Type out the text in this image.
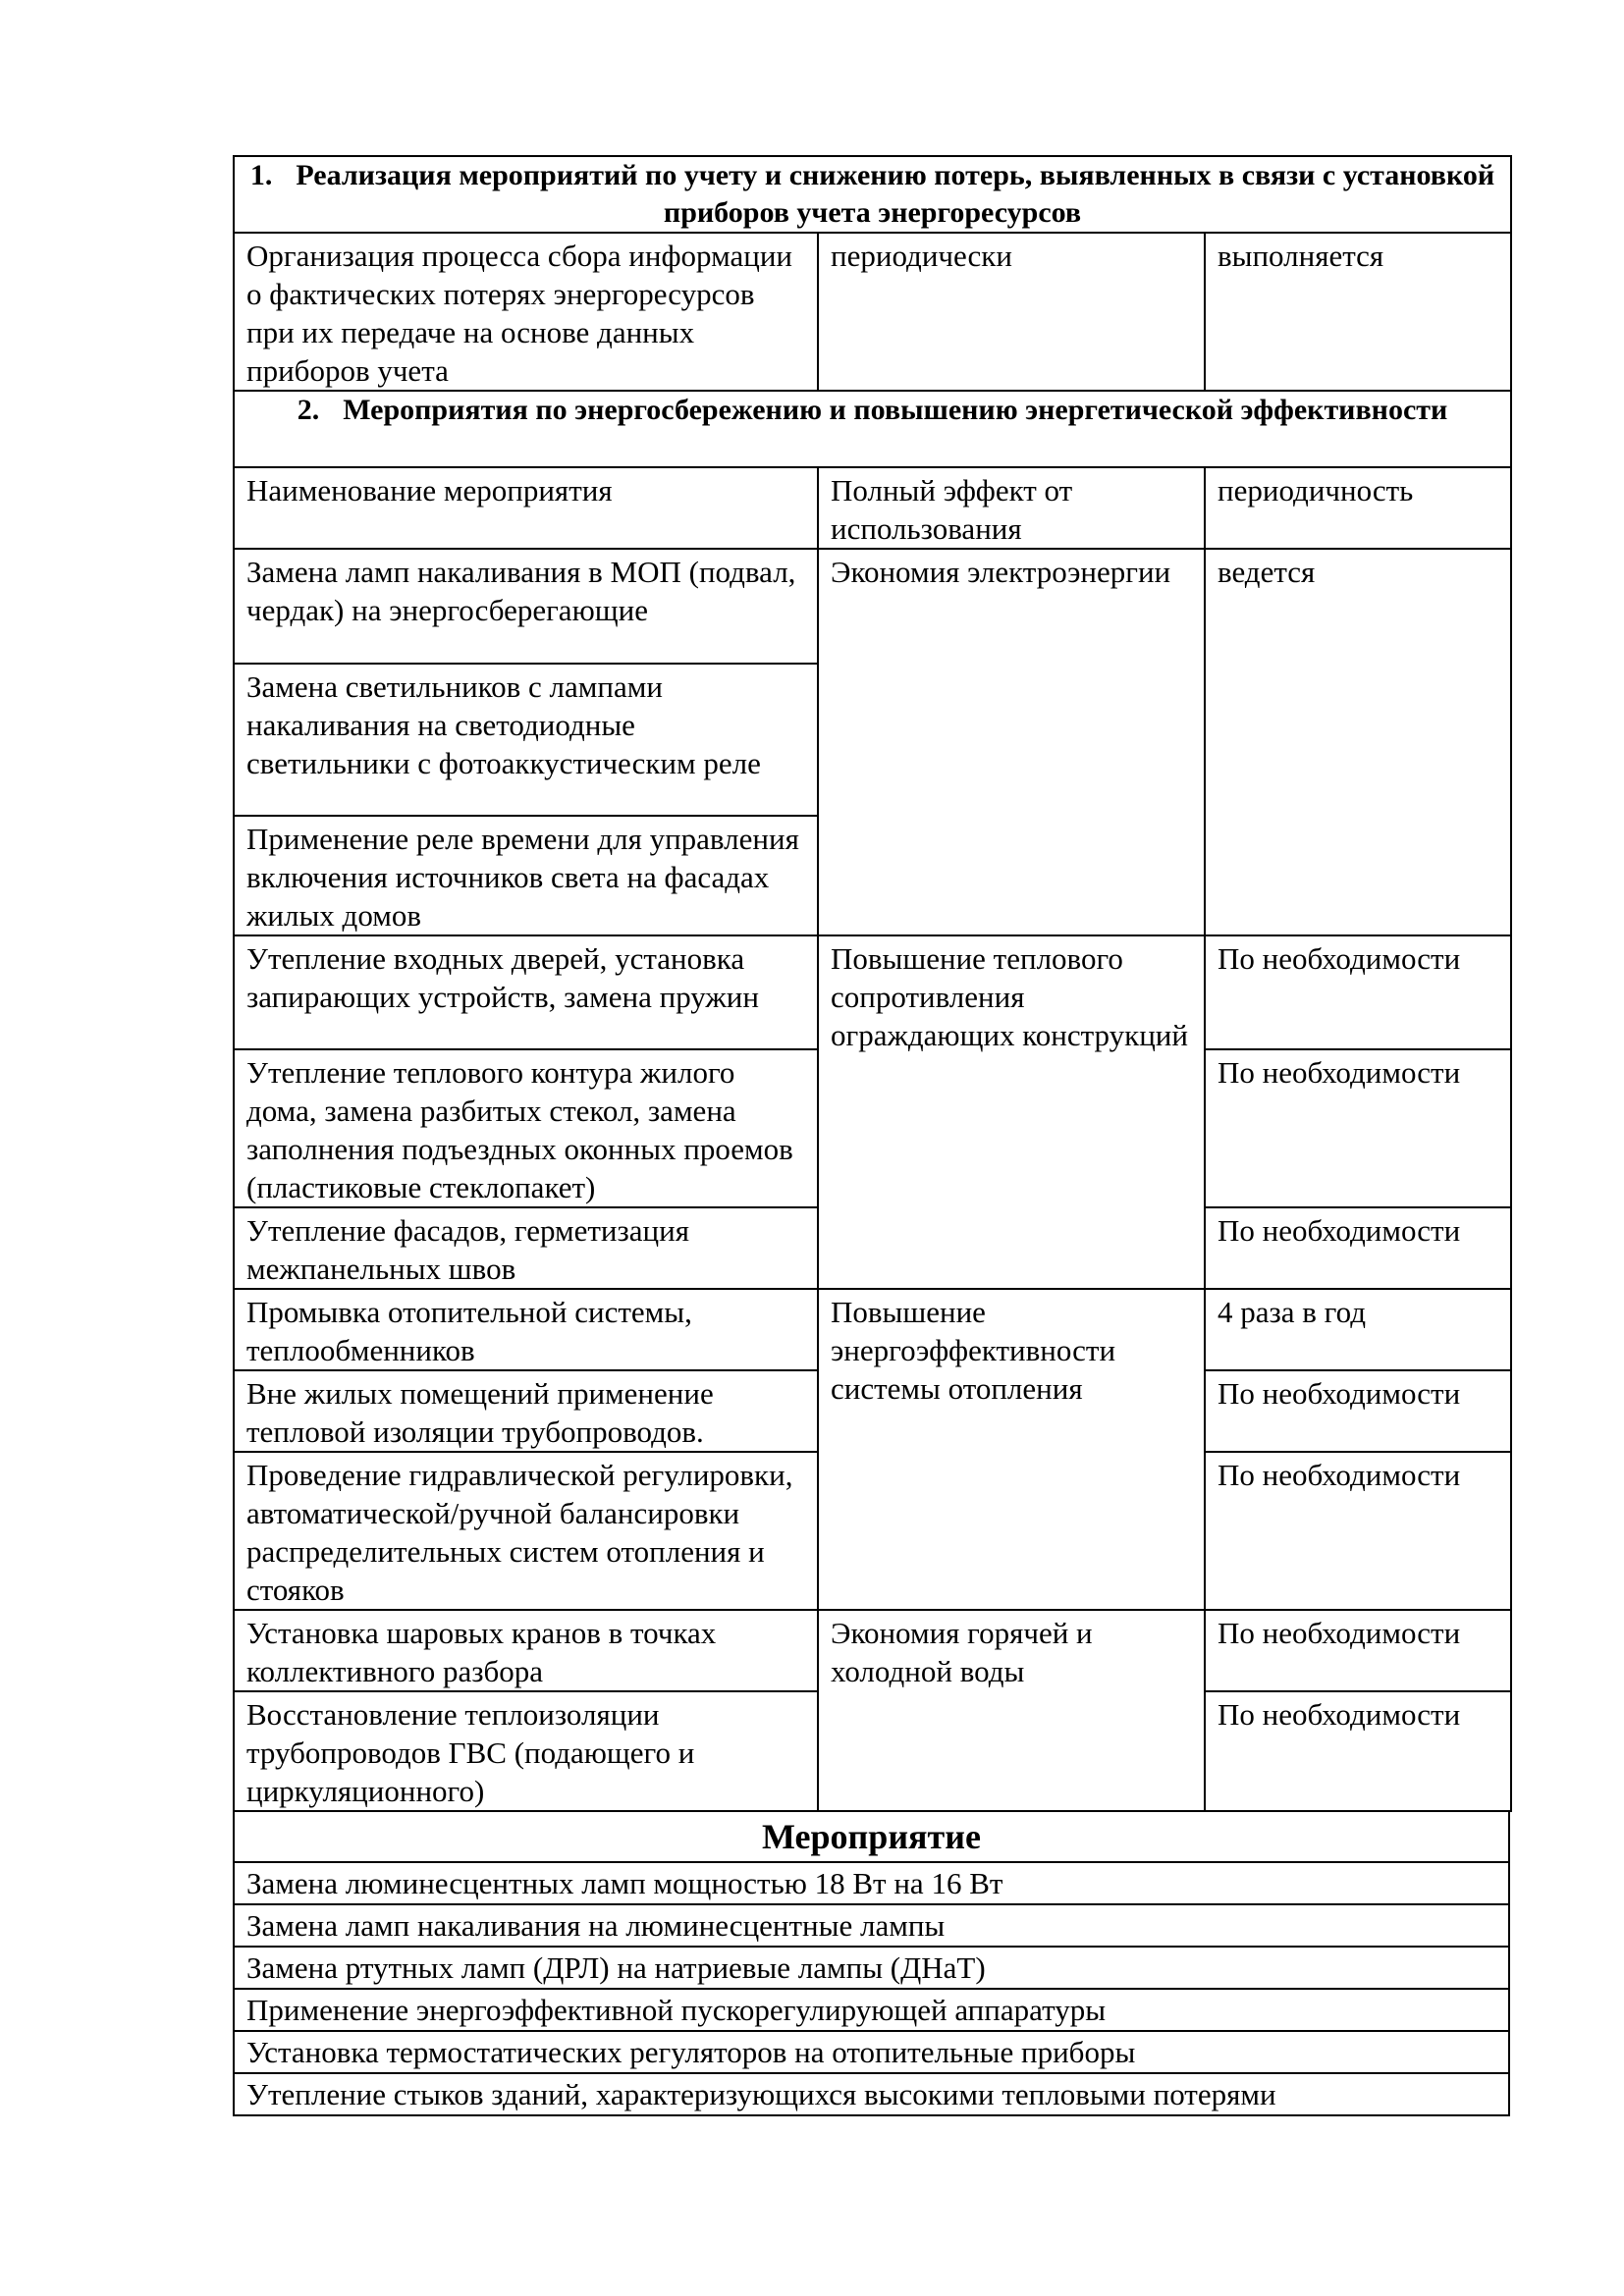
1. Реализация мероприятий по учету и снижению потерь, выявленных в связи с установкой приборов учета энергоресурсов		
Организация процесса сбора информации о фактических потерях энергоресурсов при их передаче на основе данных приборов учета	периодически	выполняется
2. Мероприятия по энергосбережению и повышению энергетической эффективности		
Наименование мероприятия	Полный эффект от использования	периодичность
Замена ламп накаливания в МОП (подвал, чердак) на энергосберегающие	Экономия электроэнергии	ведется
Замена светильников с лампами накаливания на светодиодные светильники с фотоаккустическим реле		
Применение реле времени для управления включения источников света на фасадах жилых домов		
Утепление входных дверей, установка запирающих устройств, замена пружин	Повышение теплового сопротивления ограждающих конструкций	По необходимости
Утепление теплового контура жилого дома, замена разбитых стекол, замена заполнения подъездных оконных проемов (пластиковые стеклопакет)		По необходимости
Утепление фасадов, герметизация межпанельных швов		По необходимости
Промывка отопительной системы, теплообменников	Повышение энергоэффективности системы отопления	4 раза в год
Вне жилых помещений применение тепловой изоляции трубопроводов.		По необходимости
Проведение гидравлической регулировки, автоматической/ручной балансировки распределительных систем отопления и стояков		По необходимости
Установка шаровых кранов в точках коллективного разбора	Экономия горячей и холодной воды	По необходимости
Восстановление теплоизоляции трубопроводов ГВС (подающего и циркуляционного)		По необходимости
Мероприятие
Замена люминесцентных ламп мощностью 18 Вт на 16 Вт
Замена ламп накаливания на люминесцентные лампы
Замена ртутных ламп (ДРЛ) на натриевые лампы (ДНаТ)
Применение энергоэффективной пускорегулирующей аппаратуры
Установка термостатических регуляторов на отопительные приборы
Утепление стыков зданий, характеризующихся высокими тепловыми потерями
